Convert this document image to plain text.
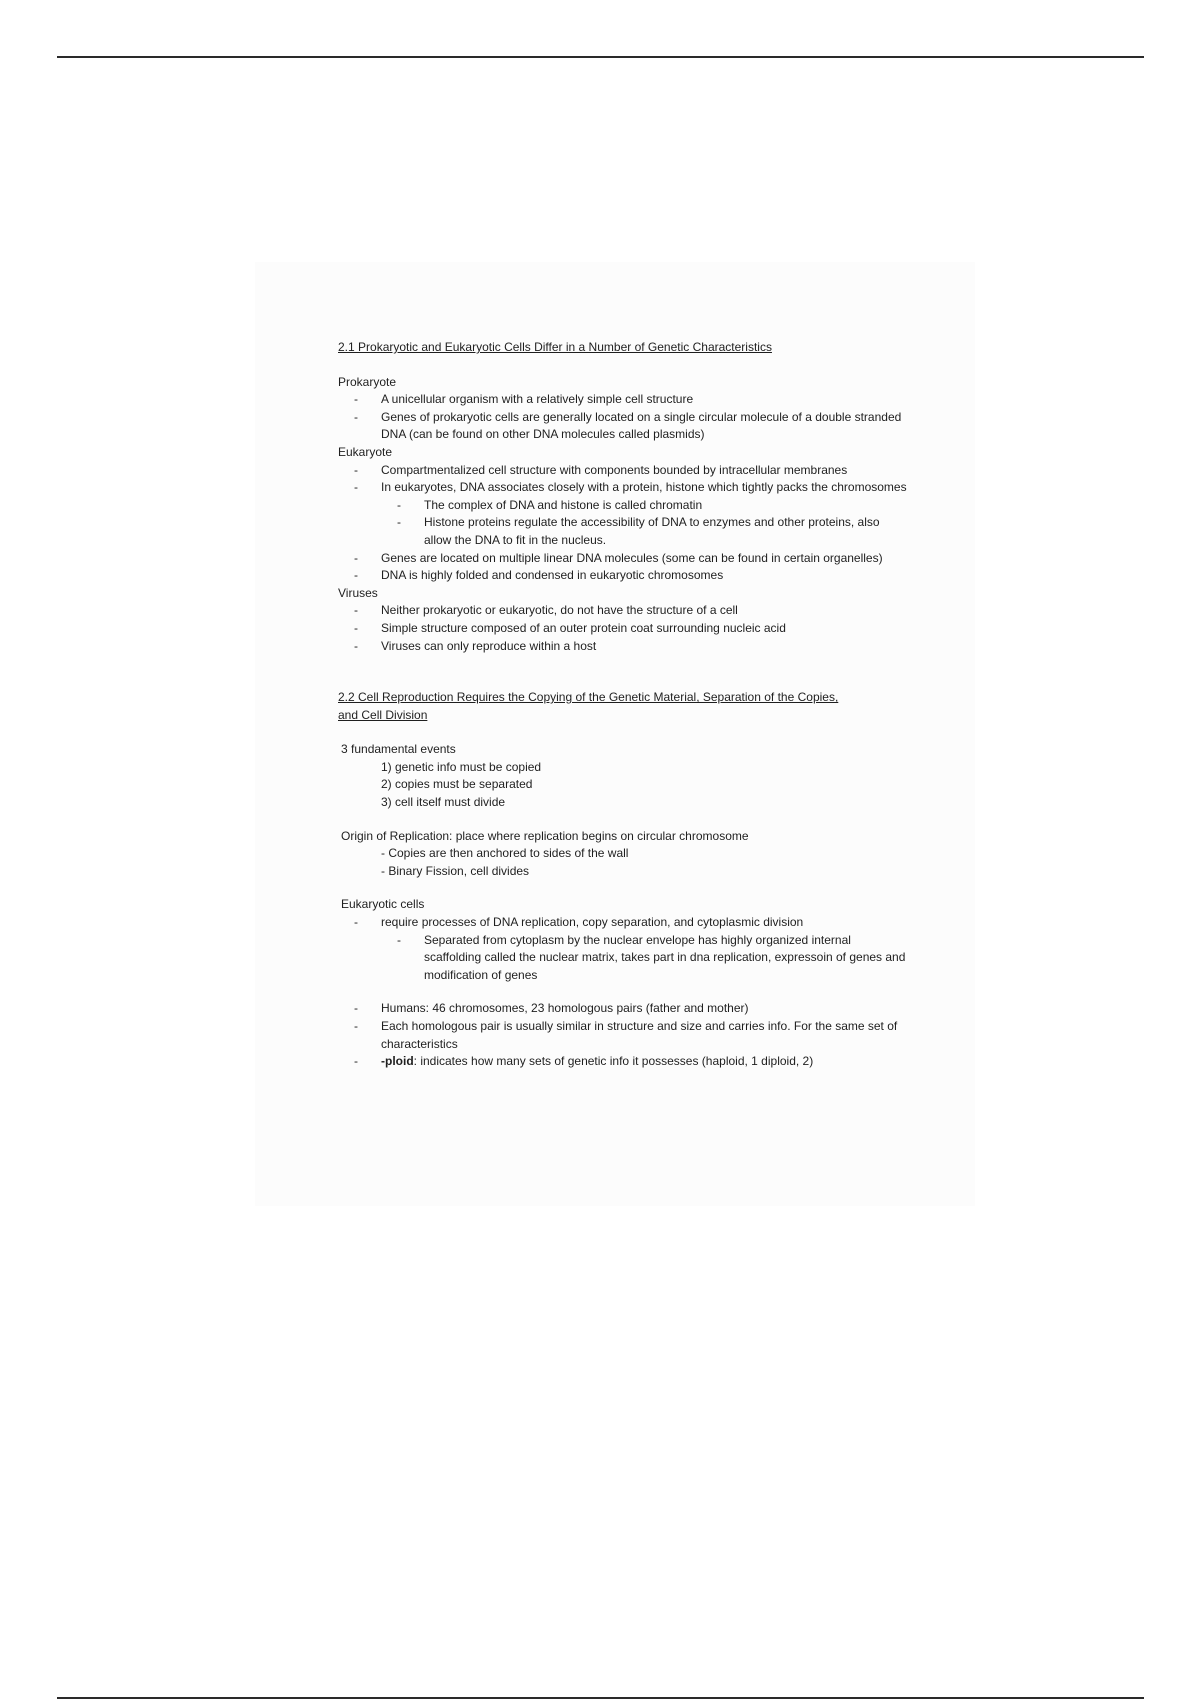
2.1 Prokaryotic and Eukaryotic Cells Differ in a Number of Genetic Characteristics

Prokaryote

-	A unicellular organism with a relatively simple cell structure
-	Genes of prokaryotic cells are generally located on a single circular molecule of a double stranded DNA (can be found on other DNA molecules called plasmids)

Eukaryote

-	Compartmentalized cell structure with components bounded by intracellular membranes
-	In eukaryotes, DNA associates closely with a protein, histone which tightly packs the chromosomes
-	The complex of DNA and histone is called chromatin
-	Histone proteins regulate the accessibility of DNA to enzymes and other proteins, also allow the DNA to fit in the nucleus.
-	Genes are located on multiple linear DNA molecules (some can be found in certain organelles)
-	DNA is highly folded and condensed in eukaryotic chromosomes

Viruses

-	Neither prokaryotic or eukaryotic, do not have the structure of a cell
-	Simple structure composed of an outer protein coat surrounding nucleic acid
-	Viruses can only reproduce within a host

2.2 Cell Reproduction Requires the Copying of the Genetic Material, Separation of the Copies,

and Cell Division

3 fundamental events

1) genetic info must be copied

2) copies must be separated

3) cell itself must divide

Origin of Replication: place where replication begins on circular chromosome

- Copies are then anchored to sides of the wall

- Binary Fission, cell divides

Eukaryotic cells

-	require processes of DNA replication, copy separation, and cytoplasmic division
-	Separated from cytoplasm by the nuclear envelope has highly organized internal scaffolding called the nuclear matrix, takes part in dna replication, expressoin of genes and modification of genes
-	Humans: 46 chromosomes, 23 homologous pairs (father and mother)
-	Each homologous pair is usually similar in structure and size and carries info. For the same set of characteristics
-	-ploid: indicates how many sets of genetic info it possesses (haploid, 1 diploid, 2)
